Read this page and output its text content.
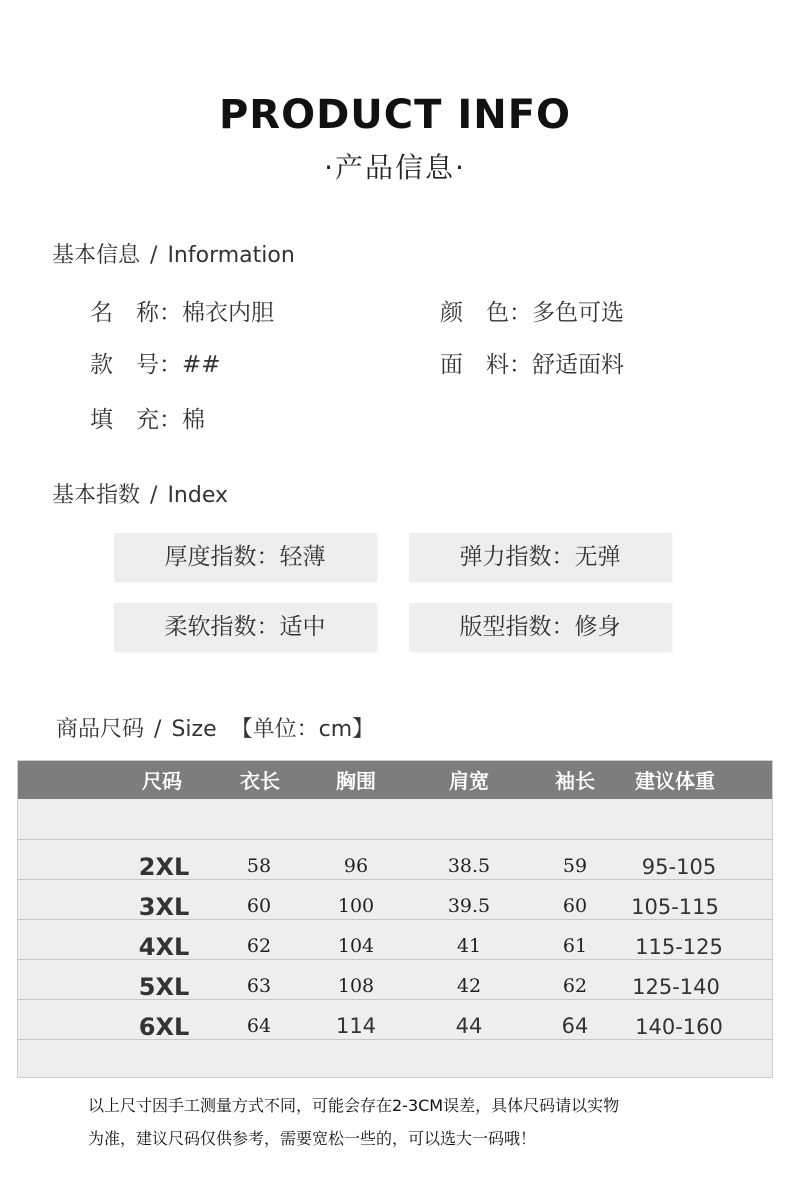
PRODUCT INFO
·产品信息·
基本信息 / Information
名　称：棉衣内胆	颜　色：多色可选
款　号：##	面　料：舒适面料
填　充：棉
基本指数 / Index
厚度指数：轻薄	弹力指数：无弹
柔软指数：适中	版型指数：修身
商品尺码 / Size 【单位：cm】
尺码	衣长	胸围	肩宽	袖长	建议体重
2XL	58	96	38.5	59	95-105
3XL	60	100	39.5	60	105-115
4XL	62	104	41	61	115-125
5XL	63	108	42	62	125-140
6XL	64	114	44	64	140-160
以上尺寸因手工测量方式不同，可能会存在2-3CM误差，具体尺码请以实物
为准，建议尺码仅供参考，需要宽松一些的，可以选大一码哦！
